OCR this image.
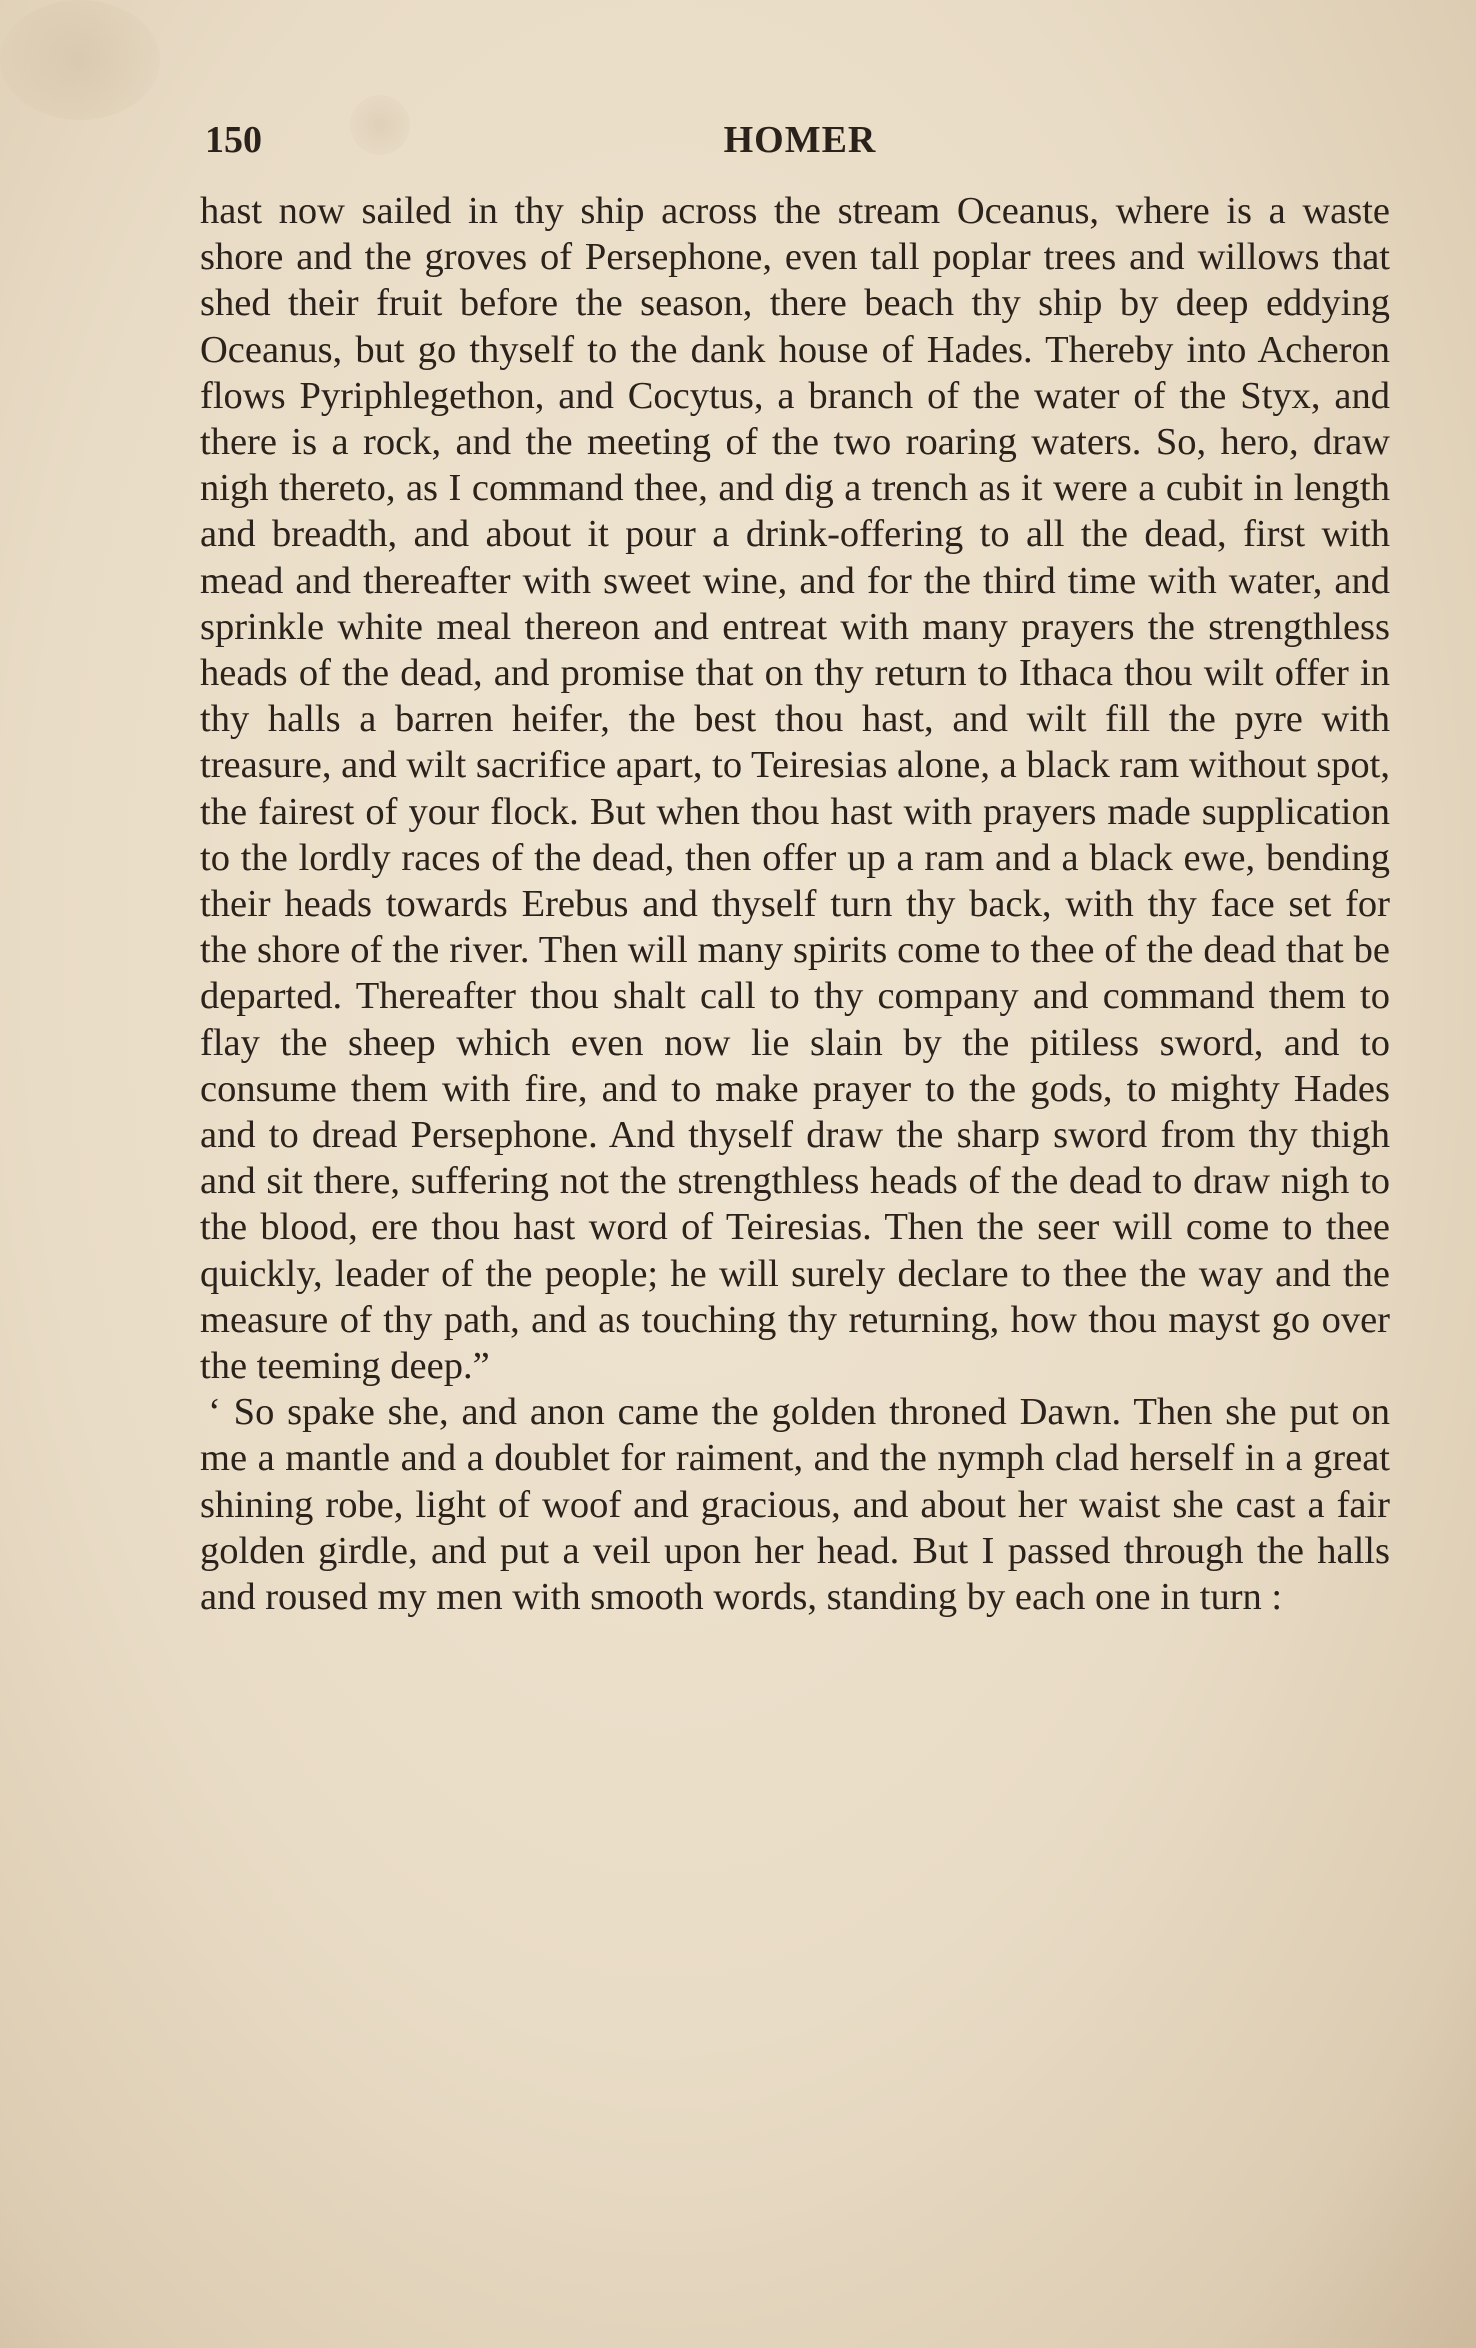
150	HOMER

hast now sailed in thy ship across the stream Oceanus, where is a waste shore and the groves of Persephone, even tall poplar trees and willows that shed their fruit before the season, there beach thy ship by deep eddying Oceanus, but go thyself to the dank house of Hades. Thereby into Acheron flows Pyriphlegethon, and Cocytus, a branch of the water of the Styx, and there is a rock, and the meeting of the two roaring waters. So, hero, draw nigh thereto, as I command thee, and dig a trench as it were a cubit in length and breadth, and about it pour a drink-offering to all the dead, first with mead and thereafter with sweet wine, and for the third time with water, and sprinkle white meal thereon and entreat with many prayers the strengthless heads of the dead, and promise that on thy return to Ithaca thou wilt offer in thy halls a barren heifer, the best thou hast, and wilt fill the pyre with treasure, and wilt sacrifice apart, to Teiresias alone, a black ram without spot, the fairest of your flock. But when thou hast with prayers made supplication to the lordly races of the dead, then offer up a ram and a black ewe, bending their heads towards Erebus and thyself turn thy back, with thy face set for the shore of the river. Then will many spirits come to thee of the dead that be departed. Thereafter thou shalt call to thy company and command them to flay the sheep which even now lie slain by the pitiless sword, and to consume them with fire, and to make prayer to the gods, to mighty Hades and to dread Persephone. And thyself draw the sharp sword from thy thigh and sit there, suffering not the strengthless heads of the dead to draw nigh to the blood, ere thou hast word of Teiresias. Then the seer will come to thee quickly, leader of the people; he will surely declare to thee the way and the measure of thy path, and as touching thy returning, how thou mayst go over the teeming deep.”

‘ So spake she, and anon came the golden throned Dawn. Then she put on me a mantle and a doublet for raiment, and the nymph clad herself in a great shining robe, light of woof and gracious, and about her waist she cast a fair golden girdle, and put a veil upon her head. But I passed through the halls and roused my men with smooth words, standing by each one in turn :
